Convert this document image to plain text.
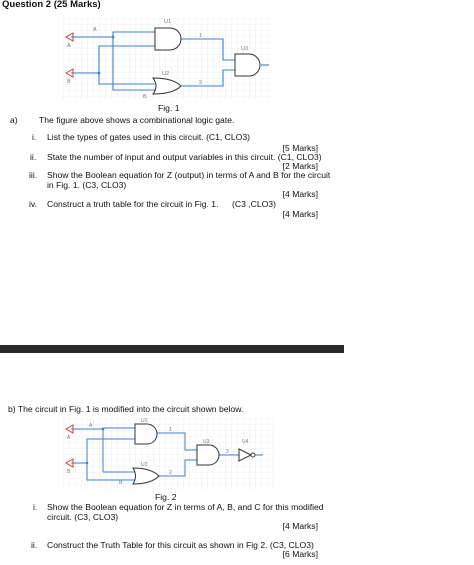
Question 2 (25 Marks)
U1
U2
U3
A
B
A
B
1
2
Fig. 1
a) The figure above shows a combinational logic gate.
i. List the types of gates used in this circuit. (C1, CLO3)
[5 Marks]
ii. State the number of input and output variables in this circuit. (C1, CLO3)
[2 Marks]
iii. Show the Boolean equation for Z (output) in terms of A and B for the circuit
in Fig. 1. (C3, CLO3)
[4 Marks]
iv. Construct a truth table for the circuit in Fig. 1. (C3 ,CLO3)
[4 Marks]
b) The circuit in Fig. 1 is modified into the circuit shown below.
U1
U2
U3	U4
A
B
A
B
1
2
3
Fig. 2
i. Show the Boolean equation for Z in terms of A, B, and C for this modified
circuit. (C3, CLO3)
[4 Marks]
ii. Construct the Truth Table for this circuit as shown in Fig 2. (C3, CLO3)
[6 Marks]
